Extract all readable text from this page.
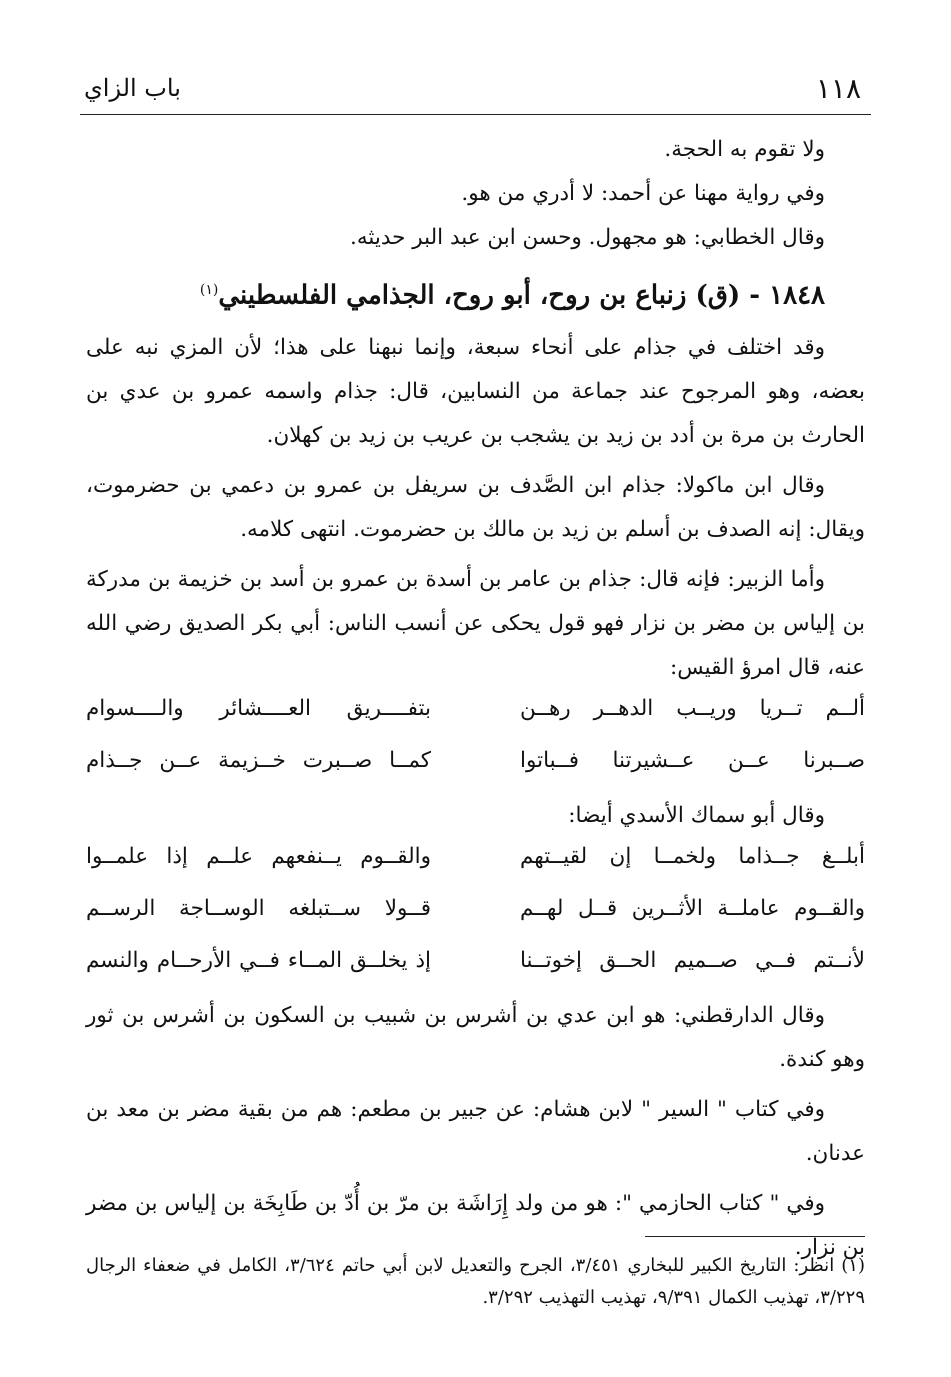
١١٨
باب الزاي

ولا تقوم به الحجة.

وفي رواية مهنا عن أحمد: لا أدري من هو.

وقال الخطابي: هو مجهول. وحسن ابن عبد البر حديثه.

١٨٤٨ - (ق) زنباع بن روح، أبو روح، الجذامي الفلسطيني$^{(١)}$

وقد اختلف في جذام على أنحاء سبعة، وإنما نبهنا على هذا؛ لأن المزي نبه على بعضه، وهو المرجوح عند جماعة من النسابين، قال: جذام واسمه عمرو بن عدي بن الحارث بن مرة بن أدد بن زيد بن يشجب بن عريب بن زيد بن كهلان.

وقال ابن ماكولا: جذام ابن الصَّدف بن سريفل بن عمرو بن دعمي بن حضرموت، ويقال: إنه الصدف بن أسلم بن زيد بن مالك بن حضرموت. انتهى كلامه.

وأما الزبير: فإنه قال: جذام بن عامر بن أسدة بن عمرو بن أسد بن خزيمة بن مدركة بن إلياس بن مضر بن نزار فهو قول يحكى عن أنسب الناس: أبي بكر الصديق رضي الله عنه، قال امرؤ القيس:

ألــم تــريا وريــب الدهــر رهــن
بتفــــريق العــــشائر والــــسوام
صــبرنا عــن عــشيرتنا فــباتوا
كمــا صــبرت خــزيمة عــن جــذام

وقال أبو سماك الأسدي أيضا:

أبلــغ جــذاما ولخمــا إن لقيــتهم
والقــوم يــنفعهم علــم إذا علمــوا
والقــوم عاملــة الأثــرين قــل لهــم
قــولا ســتبلغه الوســاجة الرســم
لأنــتم فــي صــميم الحــق إخوتــنا
إذ يخلــق المــاء فــي الأرحــام والنسم

وقال الدارقطني: هو ابن عدي بن أشرس بن شبيب بن السكون بن أشرس بن ثور وهو كندة.

وفي كتاب " السير " لابن هشام: عن جبير بن مطعم: هم من بقية مضر بن معد بن عدنان.

وفي " كتاب الحازمي ": هو من ولد إِرَاشَة بن مرّ بن أُدّ بن طَابِخَة بن إلياس بن مضر بن نزار.

(١) انظر: التاريخ الكبير للبخاري ٣/٤٥١، الجرح والتعديل لابن أبي حاتم ٣/٦٢٤، الكامل في ضعفاء الرجال ٣/٢٢٩، تهذيب الكمال ٩/٣٩١، تهذيب التهذيب ٣/٢٩٢.
